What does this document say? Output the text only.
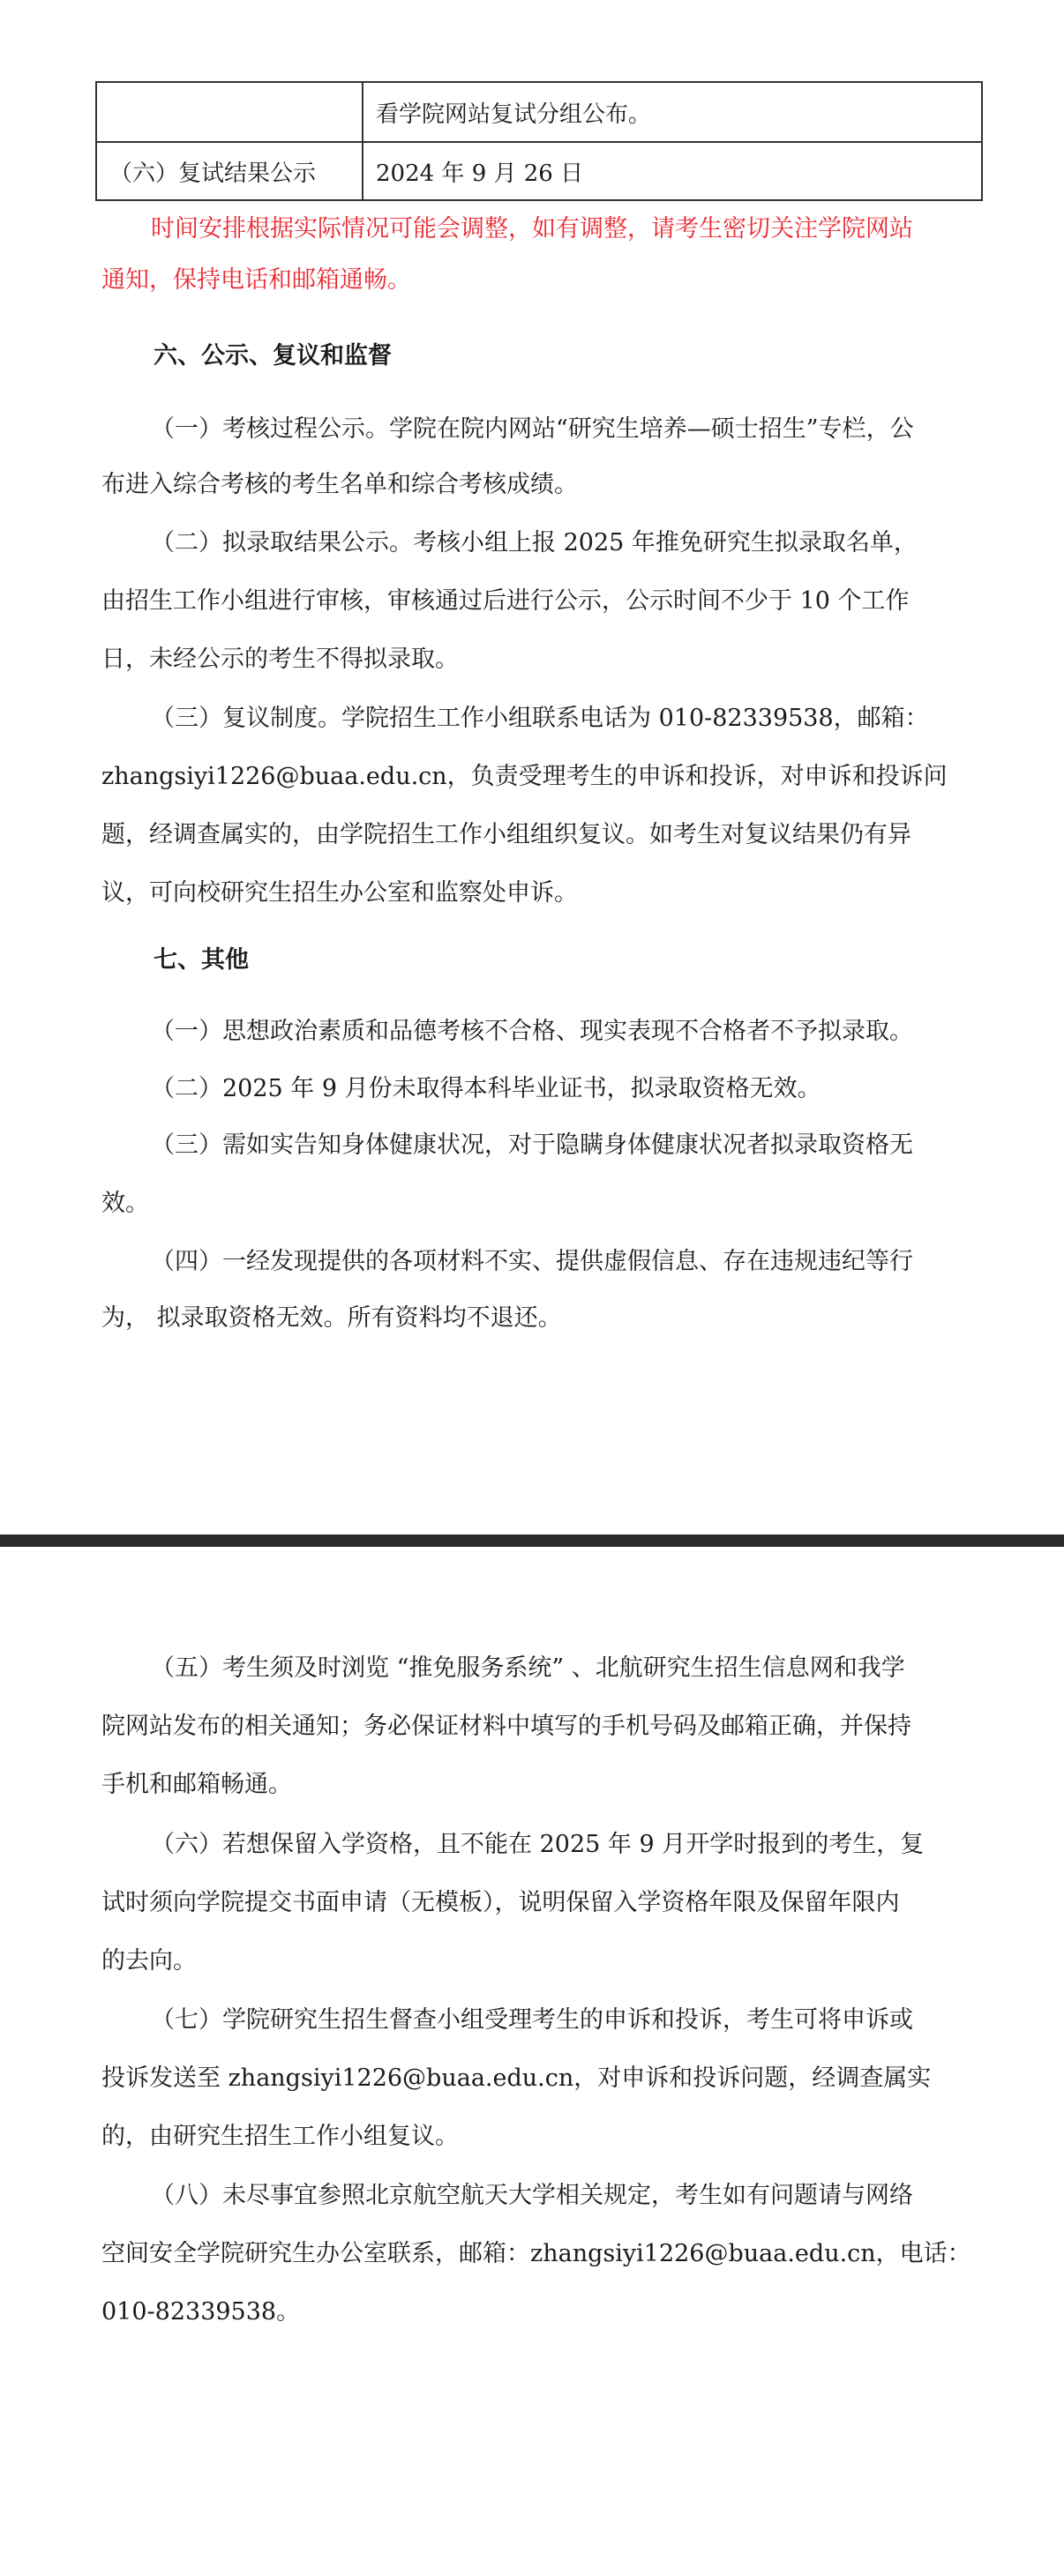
	看学院网站复试分组公布。
（六）复试结果公示	2024 年 9 月 26 日
时间安排根据实际情况可能会调整，如有调整，请考生密切关注学院网站
通知，保持电话和邮箱通畅。
六、公示、复议和监督
（一）考核过程公示。学院在院内网站“研究生培养—硕士招生”专栏，公
布进入综合考核的考生名单和综合考核成绩。
（二）拟录取结果公示。考核小组上报 2025 年推免研究生拟录取名单，
由招生工作小组进行审核，审核通过后进行公示，公示时间不少于 10 个工作
日，未经公示的考生不得拟录取。
（三）复议制度。学院招生工作小组联系电话为 010-82339538，邮箱：
zhangsiyi1226@buaa.edu.cn，负责受理考生的申诉和投诉，对申诉和投诉问
题，经调查属实的，由学院招生工作小组组织复议。如考生对复议结果仍有异
议，可向校研究生招生办公室和监察处申诉。
七、其他
（一）思想政治素质和品德考核不合格、现实表现不合格者不予拟录取。
（二）2025 年 9 月份未取得本科毕业证书，拟录取资格无效。
（三）需如实告知身体健康状况，对于隐瞒身体健康状况者拟录取资格无
效。
（四）一经发现提供的各项材料不实、提供虚假信息、存在违规违纪等行
为， 拟录取资格无效。所有资料均不退还。
（五）考生须及时浏览 “推免服务系统” 、北航研究生招生信息网和我学
院网站发布的相关通知；务必保证材料中填写的手机号码及邮箱正确，并保持
手机和邮箱畅通。
（六）若想保留入学资格，且不能在 2025 年 9 月开学时报到的考生，复
试时须向学院提交书面申请（无模板），说明保留入学资格年限及保留年限内
的去向。
（七）学院研究生招生督查小组受理考生的申诉和投诉，考生可将申诉或
投诉发送至 zhangsiyi1226@buaa.edu.cn，对申诉和投诉问题，经调查属实
的，由研究生招生工作小组复议。
（八）未尽事宜参照北京航空航天大学相关规定，考生如有问题请与网络
空间安全学院研究生办公室联系，邮箱：zhangsiyi1226@buaa.edu.cn，电话：
010-82339538。
